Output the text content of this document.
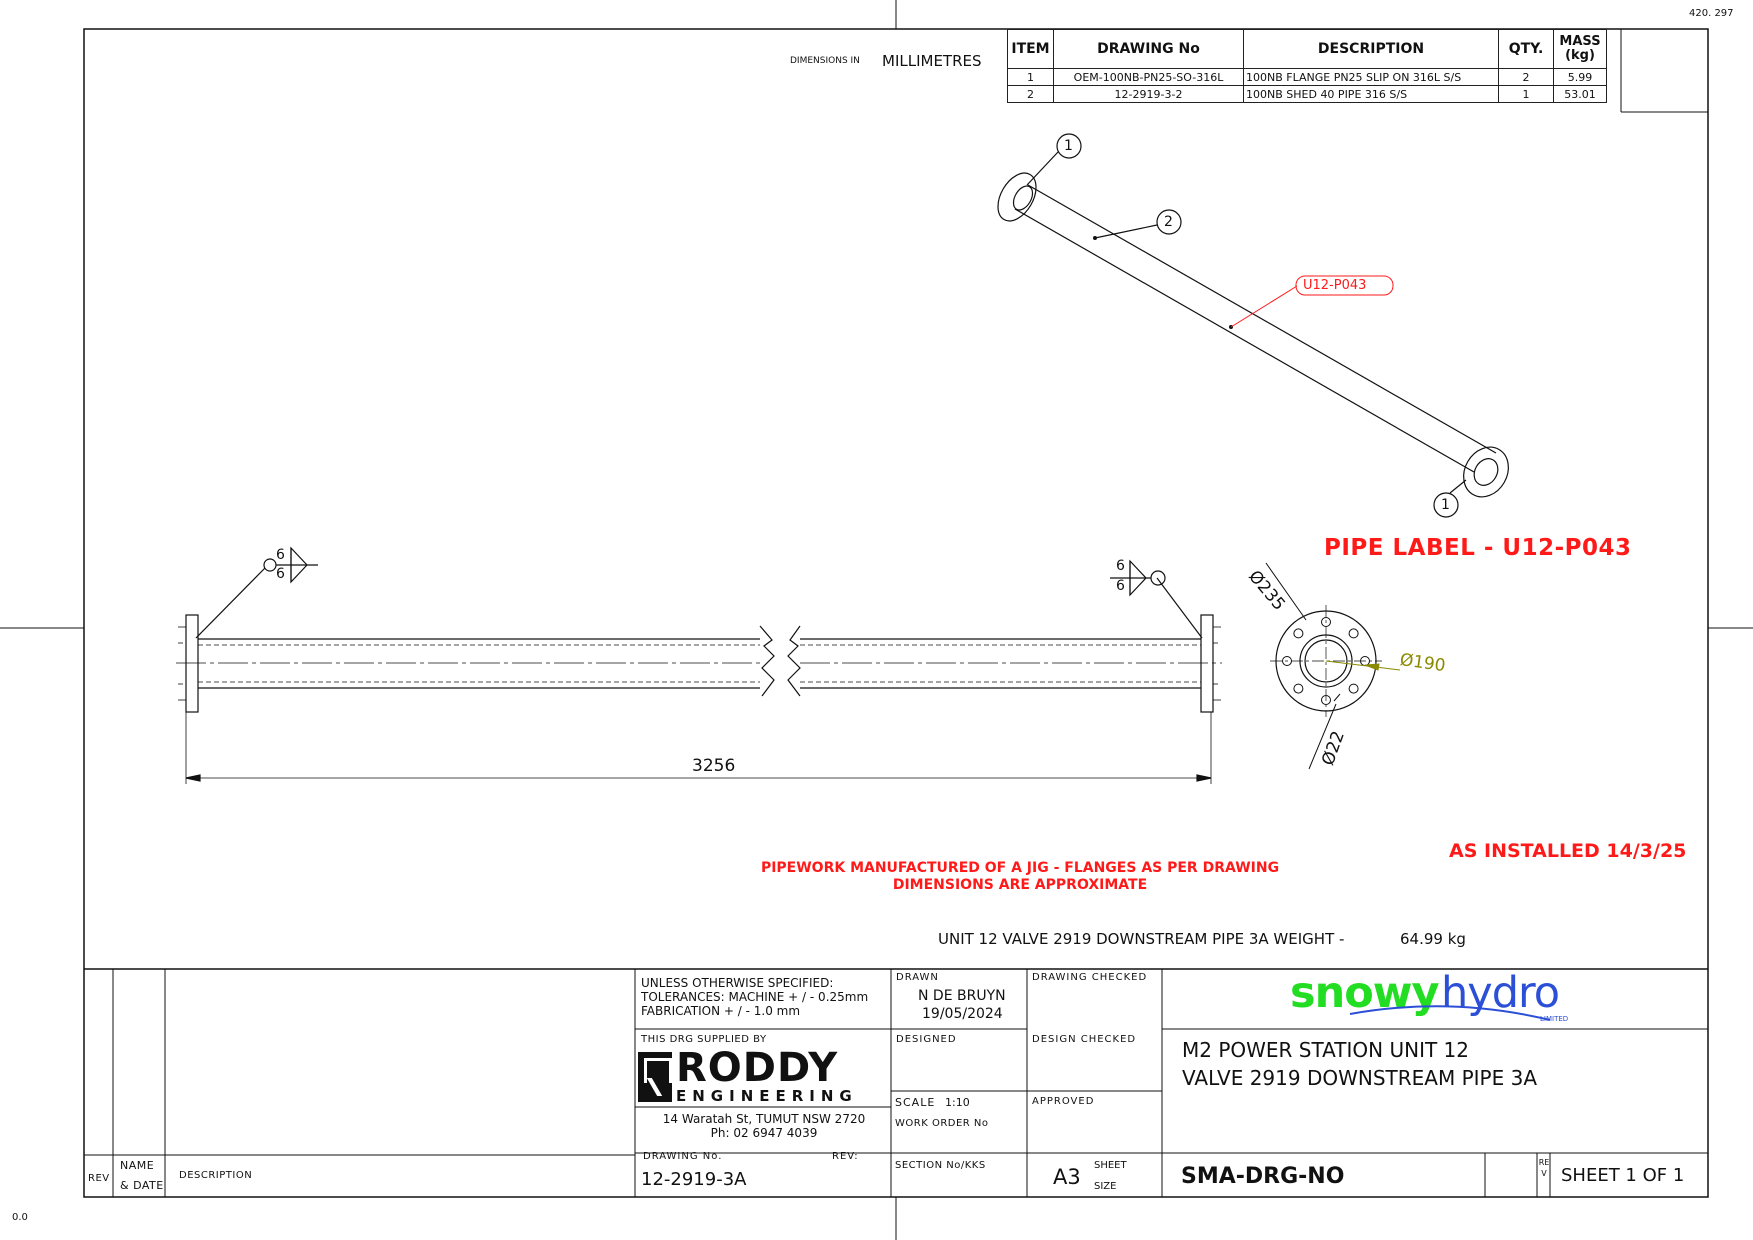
420. 297
0.0
DIMENSIONS IN MILLIMETRES
ITEM	DRAWING No	DESCRIPTION	QTY.	MASS (kg)
1	OEM-100NB-PN25-SO-316L	100NB FLANGE PN25 SLIP ON 316L S/S	2	5.99
2	12-2919-3-2	100NB SHED 40 PIPE 316 S/S	1	53.01
1
2
1
U12-P043
6
6	6
6
3256
Ø235
Ø190
Ø22
PIPE LABEL - U12-P043
AS INSTALLED 14/3/25
PIPEWORK MANUFACTURED OF A JIG - FLANGES AS PER DRAWING
DIMENSIONS ARE APPROXIMATE
UNIT 12 VALVE 2919 DOWNSTREAM PIPE 3A WEIGHT -	64.99 kg
UNLESS OTHERWISE SPECIFIED:
TOLERANCES: MACHINE + / - 0.25mm
FABRICATION + / - 1.0 mm
DRAWN
N DE BRUYN
19/05/2024
DRAWING CHECKED
THIS DRG SUPPLIED BY
RODDY
ENGINEERING
14 Waratah St, TUMUT NSW 2720
Ph: 02 6947 4039
DESIGNED	DESIGN CHECKED
SCALE 1:10	APPROVED
WORK ORDER No
DRAWING No.	REV:
12-2919-3A
SECTION No/KKS	A3 SHEET
SIZE
snowy hydro
LIMITED
M2 POWER STATION UNIT 12
VALVE 2919 DOWNSTREAM PIPE 3A
SMA-DRG-NO
REV SHEET 1 OF 1
REV
NAME
& DATE
DESCRIPTION
